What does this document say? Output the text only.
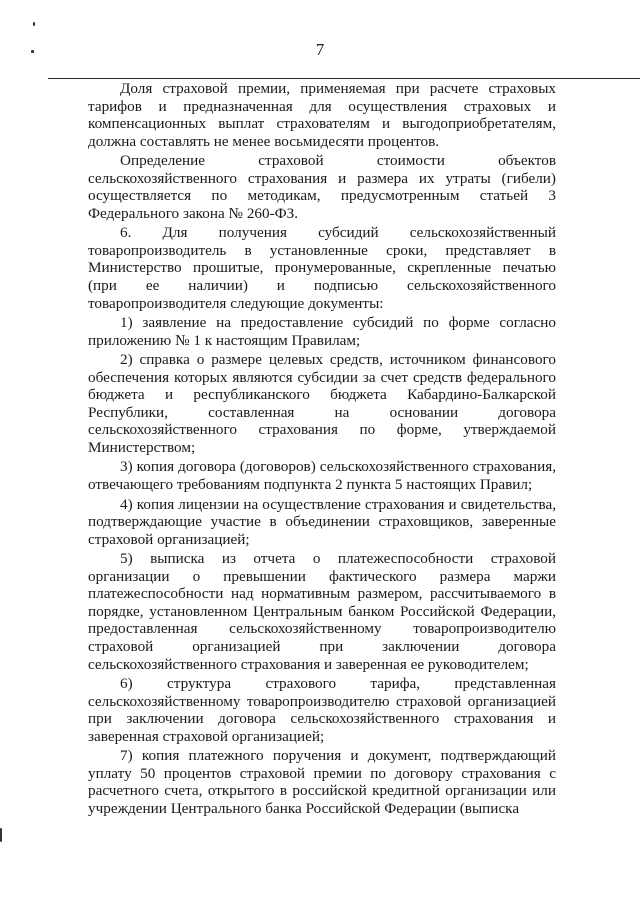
7

Доля страховой премии, применяемая при расчете страховых тарифов и предназначенная для осуществления страховых и компенсационных выплат страхователям и выгодоприобретателям, должна составлять не менее восьмидесяти процентов.

Определение страховой стоимости объектов сельскохозяйственного страхования и размера их утраты (гибели) осуществляется по методикам, предусмотренным статьей 3 Федерального закона № 260-ФЗ.

6. Для получения субсидий сельскохозяйственный товаропроизводитель в установленные сроки, представляет в Министерство прошитые, пронумерованные, скрепленные печатью (при ее наличии) и подписью сельскохозяйственного товаропроизводителя следующие документы:

1) заявление на предоставление субсидий по форме согласно приложению № 1 к настоящим Правилам;

2) справка о размере целевых средств, источником финансового обеспечения которых являются субсидии за счет средств федерального бюджета и республиканского бюджета Кабардино-Балкарской Республики, составленная на основании договора сельскохозяйственного страхования по форме, утверждаемой Министерством;

3) копия договора (договоров) сельскохозяйственного страхования, отвечающего требованиям подпункта 2 пункта 5 настоящих Правил;

4) копия лицензии на осуществление страхования и свидетельства, подтверждающие участие в объединении страховщиков, заверенные страховой организацией;

5) выписка из отчета о платежеспособности страховой организации о превышении фактического размера маржи платежеспособности над нормативным размером, рассчитываемого в порядке, установленном Центральным банком Российской Федерации, предоставленная сельскохозяйственному товаропроизводителю страховой организацией при заключении договора сельскохозяйственного страхования и заверенная ее руководителем;

6) структура страхового тарифа, представленная сельскохозяйственному товаропроизводителю страховой организацией при заключении договора сельскохозяйственного страхования и заверенная страховой организацией;

7) копия платежного поручения и документ, подтверждающий уплату 50 процентов страховой премии по договору страхования с расчетного счета, открытого в российской кредитной организации или учреждении Центрального банка Российской Федерации (выписка
